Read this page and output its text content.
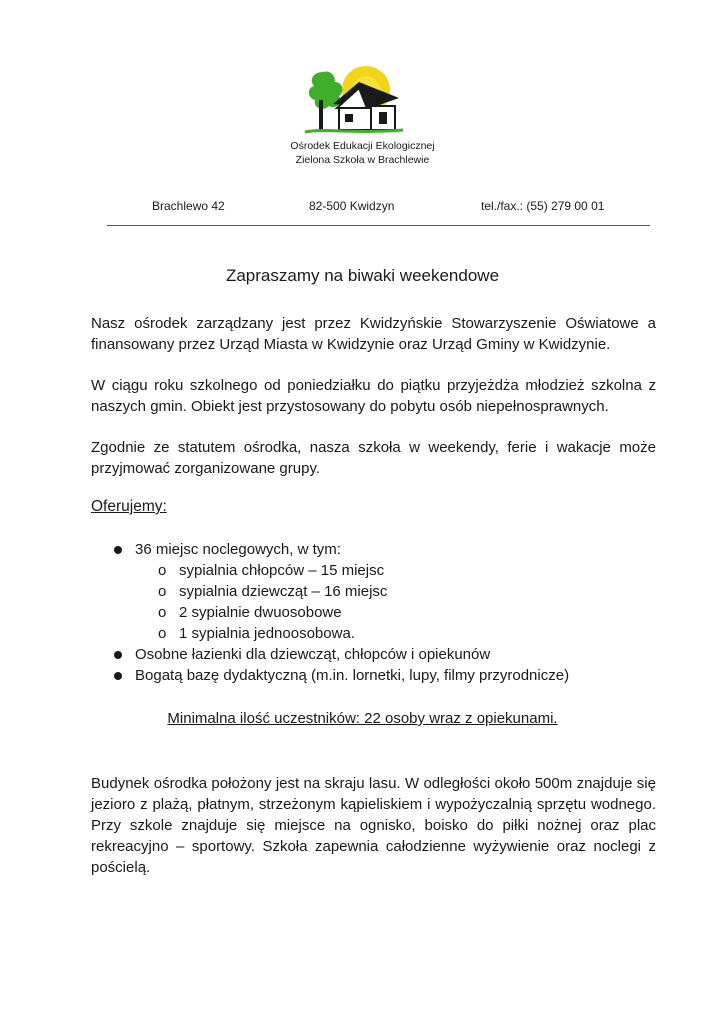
Ośrodek Edukacji Ekologicznej
Zielona Szkoła w Brachlewie
Brachlewo 42	82-500 Kwidzyn	tel./fax.: (55) 279 00 01
Zapraszamy na biwaki weekendowe

Nasz ośrodek zarządzany jest przez Kwidzyńskie Stowarzyszenie Oświatowe a finansowany przez Urząd Miasta w Kwidzynie oraz Urząd Gminy w Kwidzynie.

W ciągu roku szkolnego od poniedziałku do piątku przyjeżdża młodzież szkolna z naszych gmin. Obiekt jest przystosowany do pobytu osób niepełnosprawnych.

Zgodnie ze statutem ośrodka, nasza szkoła w weekendy, ferie i wakacje może przyjmować zorganizowane grupy.

Oferujemy:
36 miejsc noclegowych, w tym:
o sypialnia chłopców – 15 miejsc
o sypialnia dziewcząt – 16 miejsc
o 2 sypialnie dwuosobowe
o 1 sypialnia jednoosobowa.
Osobne łazienki dla dziewcząt, chłopców i opiekunów
Bogatą bazę dydaktyczną (m.in. lornetki, lupy, filmy przyrodnicze)
Minimalna ilość uczestników: 22 osoby wraz z opiekunami.

Budynek ośrodka położony jest na skraju lasu. W odległości około 500m znajduje się jezioro z plażą, płatnym, strzeżonym kąpieliskiem i wypożyczalnią sprzętu wodnego. Przy szkole znajduje się miejsce na ognisko, boisko do piłki nożnej oraz plac rekreacyjno – sportowy. Szkoła zapewnia całodzienne wyżywienie oraz noclegi z pościelą.
